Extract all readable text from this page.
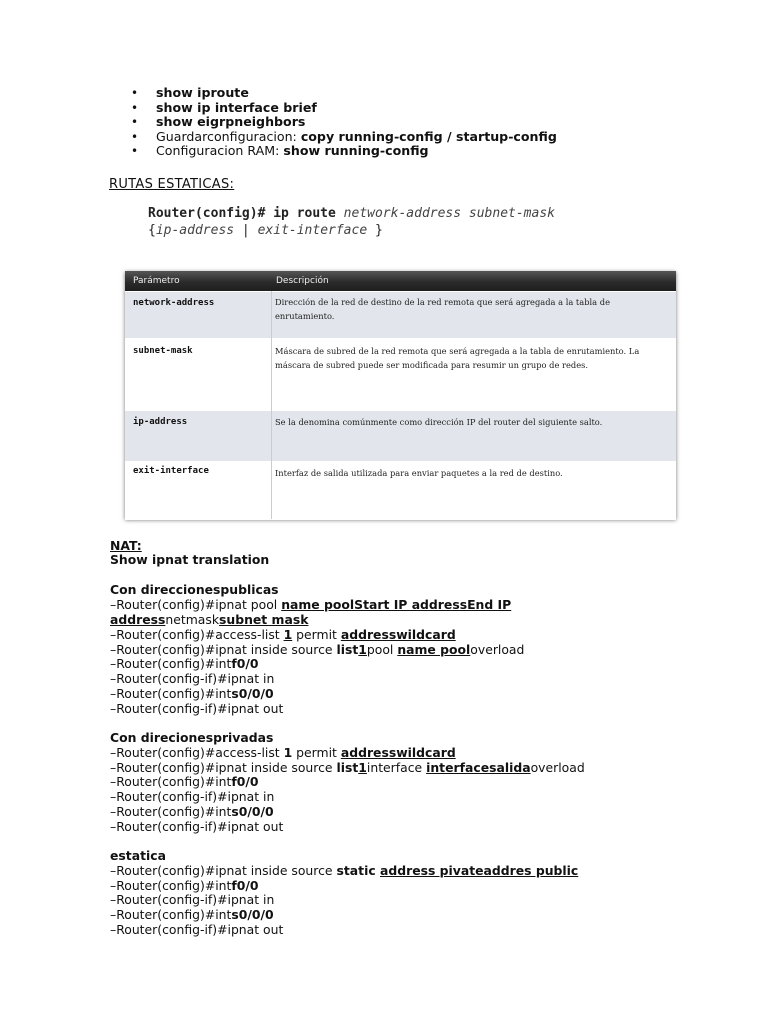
• show iproute
• show ip interface brief
• show eigrpneighbors
• Guardarconfiguracion: copy running-config / startup-config
• Configuracion RAM: show running-config
RUTAS ESTATICAS:
Router(config)# ip route network-address subnet-mask
{ip-address | exit-interface }
Parámetro	Descripción
network-address	Dirección de la red de destino de la red remota que será agregada a la tabla de enrutamiento.
subnet-mask	Máscara de subred de la red remota que será agregada a la tabla de enrutamiento. La máscara de subred puede ser modificada para resumir un grupo de redes.
ip-address	Se la denomina comúnmente como dirección IP del router del siguiente salto.
exit-interface	Interfaz de salida utilizada para enviar paquetes a la red de destino.
NAT:
Show ipnat translation
Con direccionespublicas
–Router(config)#ipnat pool name poolStart IP addressEnd IP
addressnetmasksubnet mask
–Router(config)#access-list 1 permit addresswildcard
–Router(config)#ipnat inside source list1pool name pooloverload
–Router(config)#intf0/0
–Router(config-if)#ipnat in
–Router(config)#ints0/0/0
–Router(config-if)#ipnat out
Con direcionesprivadas
–Router(config)#access-list 1 permit addresswildcard
–Router(config)#ipnat inside source list1interface interfacesalidaoverload
–Router(config)#intf0/0
–Router(config-if)#ipnat in
–Router(config)#ints0/0/0
–Router(config-if)#ipnat out
estatica
–Router(config)#ipnat inside source static address pivateaddres public
–Router(config)#intf0/0
–Router(config-if)#ipnat in
–Router(config)#ints0/0/0
–Router(config-if)#ipnat out
